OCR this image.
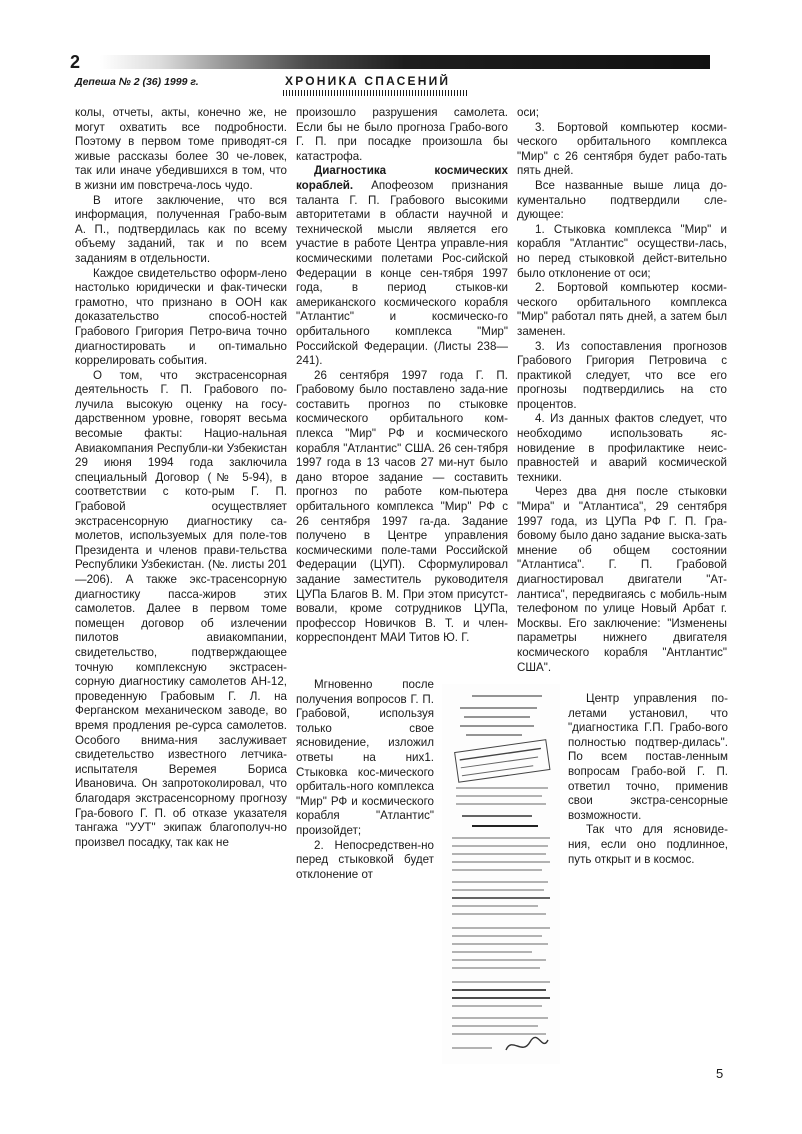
2

Депеша № 2 (36) 1999 г.	ХРОНИКА СПАСЕНИЙ

колы, отчеты, акты, конечно же, не могут охватить все подробности. Поэтому в первом томе приводят-ся живые рассказы более 30 че-ловек, так или иначе убедившихся в том, что в жизни им повстреча-лось чудо.

В итоге заключение, что вся информация, полученная Грабо-вым А. П., подтвердилась как по всему объему заданий, так и по всем заданиям в отдельности.

Каждое свидетельство оформ-лено настолько юридически и фак-тически грамотно, что признано в ООН как доказательство способ-ностей Грабового Григория Петро-вича точно диагностировать и оп-тимально коррелировать события.

О том, что экстрасенсорная деятельность Г. П. Грабового по-лучила высокую оценку на госу-дарственном уровне, говорят весьма весомые факты: Нацио-нальная Авиакомпания Республи-ки Узбекистан 29 июня 1994 года заключила специальный Договор (№ 5-94), в соответствии с кото-рым Г. П. Грабовой осуществляет экстрасенсорную диагностику са-молетов, используемых для поле-тов Президента и членов прави-тельства Республики Узбекистан. (№. листы 201—206). А также экс-трасенсорную диагностику пасса-жиров этих самолетов. Далее в первом томе помещен договор об излечении пилотов авиакомпании, свидетельство, подтверждающее точную комплексную экстрасен-сорную диагностику самолетов АН-12, проведенную Грабовым Г. Л. на Ферганском механическом заводе, во время продления ре-сурса самолетов. Особого внима-ния заслуживает свидетельство известного летчика-испытателя Веремея Бориса Ивановича. Он запротоколировал, что благодаря экстрасенсорному прогнозу Гра-бового Г. П. об отказе указателя тангажа "УУТ" экипаж благополуч-но произвел посадку, так как не

произошло разрушения самолета. Если бы не было прогноза Грабо-вого Г. П. при посадке произошла бы катастрофа.

Диагностика космических кораблей. Апофеозом признания таланта Г. П. Грабового высокими авторитетами в области научной и технической мысли является его участие в работе Центра управле-ния космическими полетами Рос-сийской Федерации в конце сен-тября 1997 года, в период стыков-ки американского космического корабля "Атлантис" и космическо-го орбитального комплекса "Мир" Российской Федерации. (Листы 238—241).

26 сентября 1997 года Г. П. Грабовому было поставлено зада-ние составить прогноз по стыковке космического орбитального ком-плекса "Мир" РФ и космического корабля "Атлантис" США. 26 сен-тября 1997 года в 13 часов 27 ми-нут было дано второе задание — составить прогноз по работе ком-пьютера орбитального комплекса "Мир" РФ с 26 сентября 1997 га-да. Задание получено в Центре управления космическими поле-тами Российской Федерации (ЦУП). Сформулировал задание заместитель руководителя ЦУПа Благов В. М. При этом присутст-вовали, кроме сотрудников ЦУПа, профессор Новичков В. Т. и член-корреспондент МАИ Титов Ю. Г.

Мгновенно после получения вопросов Г. П. Грабовой, используя только свое ясновидение, изложил ответы на них1. Стыковка кос-мического орбиталь-ного комплекса "Мир" РФ и космического корабля "Атлантис" произойдет;

2. Непосредствен-но перед стыковкой будет отклонение от

оси;

3. Бортовой компьютер косми-ческого орбитального комплекса "Мир" с 26 сентября будет рабо-тать пять дней.

Все названные выше лица до-кументально подтвердили сле-дующее:

1. Стыковка комплекса "Мир" и корабля "Атлантис" осуществи-лась, но перед стыковкой дейст-вительно было отклонение от оси;

2. Бортовой компьютер косми-ческого орбитального комплекса "Мир" работал пять дней, а затем был заменен.

3. Из сопоставления прогнозов Грабового Григория Петровича с практикой следует, что все его прогнозы подтвердились на сто процентов.

4. Из данных фактов следует, что необходимо использовать яс-новидение в профилактике неис-правностей и аварий космической техники.

Через два дня после стыковки "Мира" и "Атлантиса", 29 сентября 1997 года, из ЦУПа РФ Г. П. Гра-бовому было дано задание выска-зать мнение об общем состоянии "Атлантиса". Г. П. Грабовой диагностировал двигатели "Ат-лантиса", передвигаясь с мобиль-ным телефоном по улице Новый Арбат г. Москвы. Его заключение: "Изменены параметры нижнего двигателя космического корабля "Антлантис" США".

Центр управления по-летами установил, что "диагностика Г.П. Грабо-вого полностью подтвер-дилась". По всем постав-ленным вопросам Грабо-вой Г. П. ответил точно, применив свои экстра-сенсорные возможности.

Так что для ясновиде-ния, если оно подлинное, путь открыт и в космос.

5
